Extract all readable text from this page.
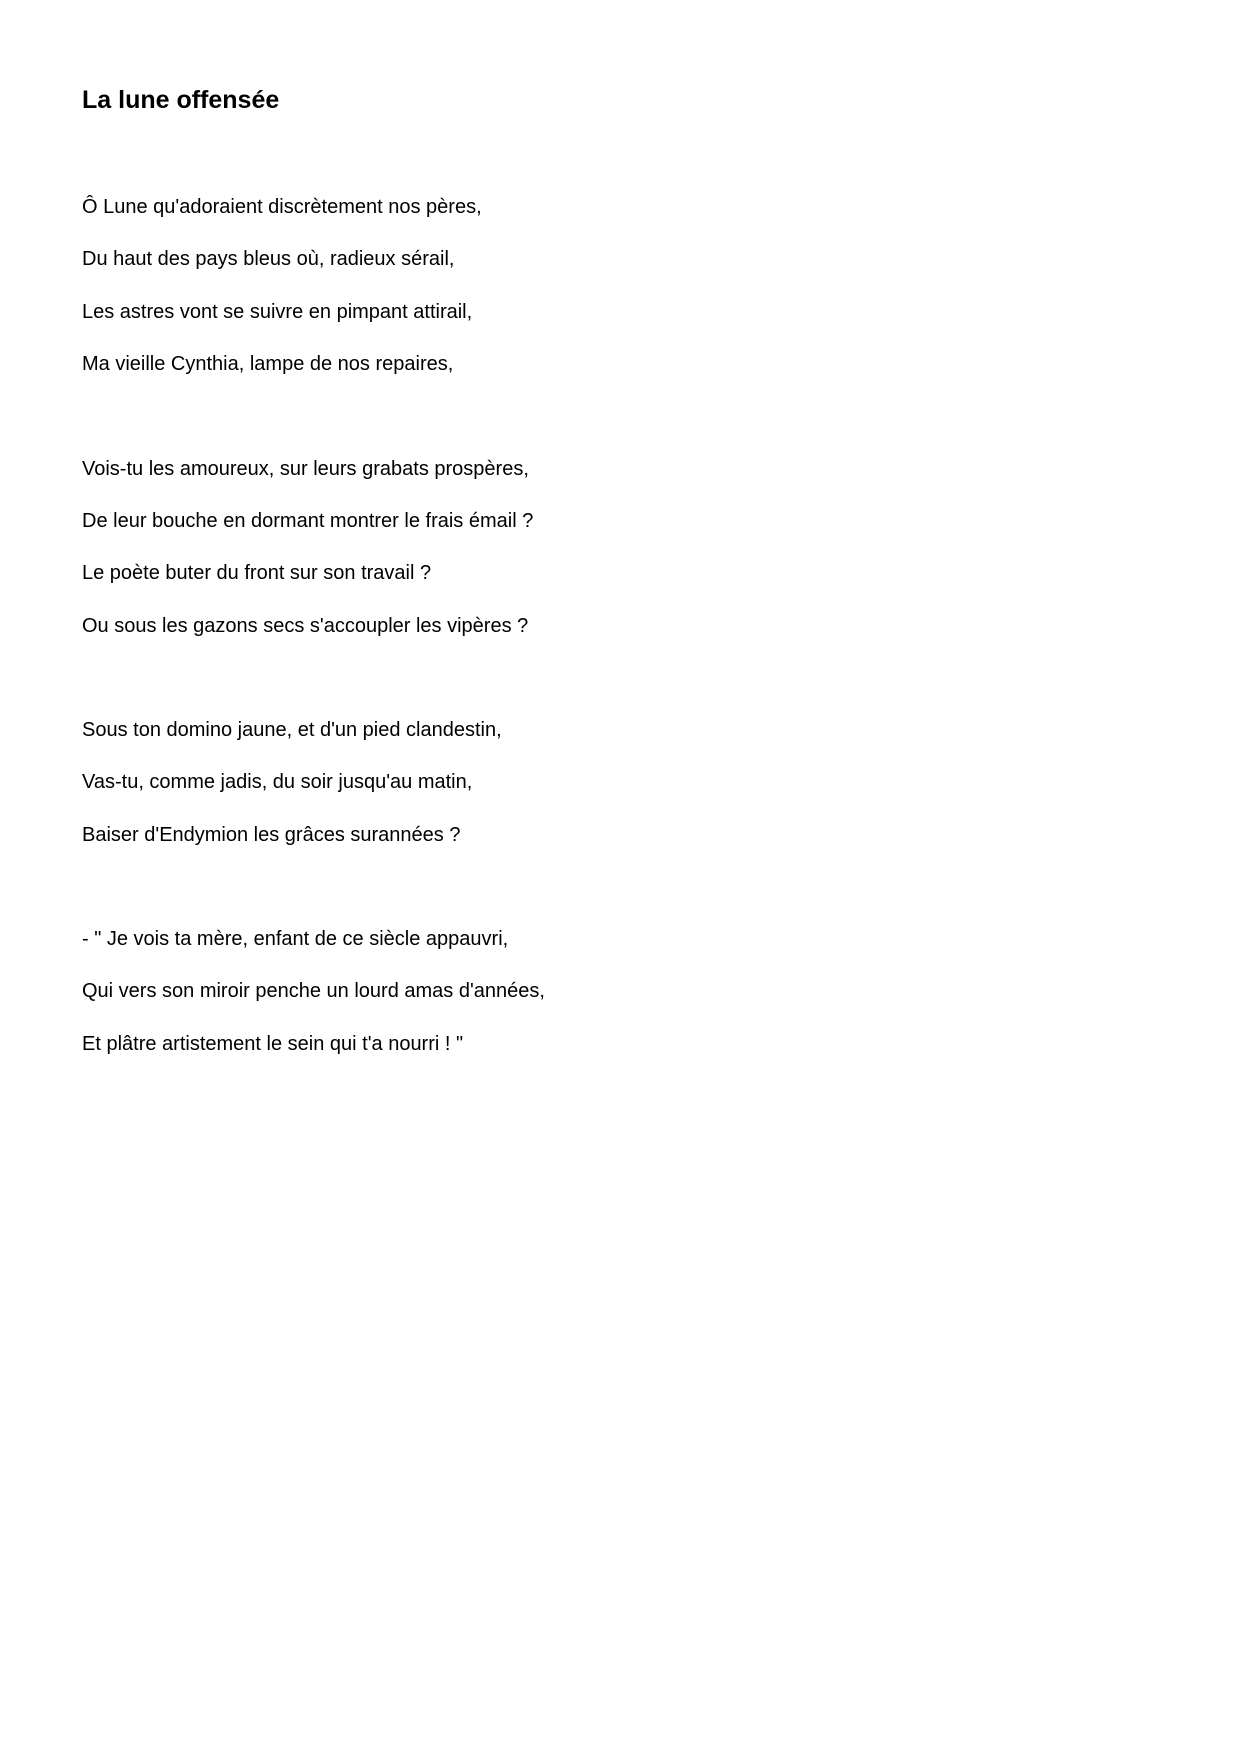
La lune offensée

Ô Lune qu'adoraient discrètement nos pères,

Du haut des pays bleus où, radieux sérail,

Les astres vont se suivre en pimpant attirail,

Ma vieille Cynthia, lampe de nos repaires,

Vois-tu les amoureux, sur leurs grabats prospères,

De leur bouche en dormant montrer le frais émail ?

Le poète buter du front sur son travail ?

Ou sous les gazons secs s'accoupler les vipères ?

Sous ton domino jaune, et d'un pied clandestin,

Vas-tu, comme jadis, du soir jusqu'au matin,

Baiser d'Endymion les grâces surannées ?

- " Je vois ta mère, enfant de ce siècle appauvri,

Qui vers son miroir penche un lourd amas d'années,

Et plâtre artistement le sein qui t'a nourri ! "
